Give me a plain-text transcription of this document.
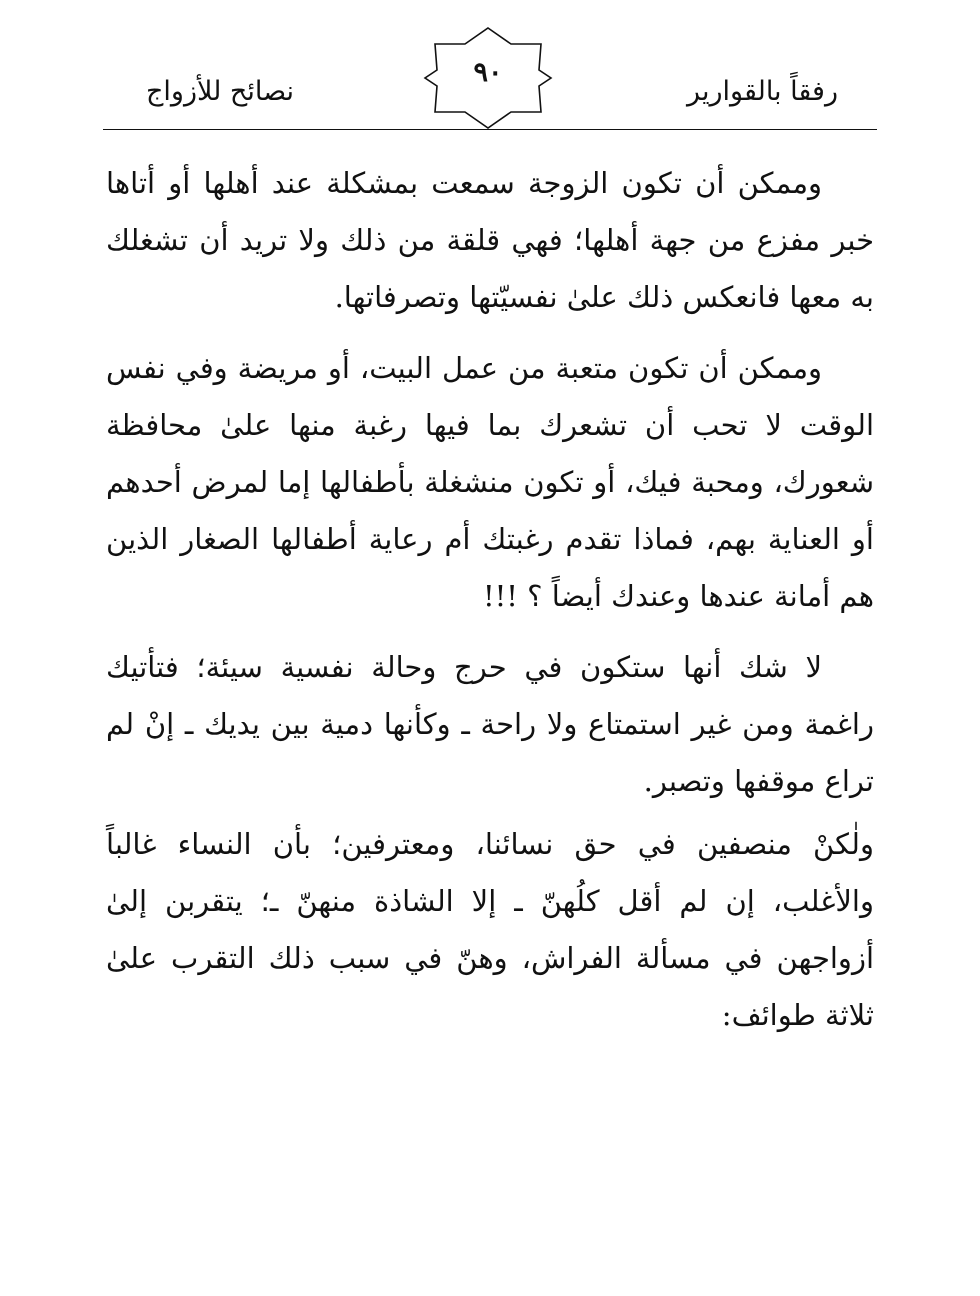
رفقاً بالقوارير
٩٠
نصائح للأزواج

وممكن أن تكون الزوجة سمعت بمشكلة عند أهلها أو أتاها خبر مفزع من جهة أهلها؛ فهي قلقة من ذلك ولا تريد أن تشغلك به معها فانعكس ذلك علىٰ نفسيّتها وتصرفاتها.

وممكن أن تكون متعبة من عمل البيت، أو مريضة وفي نفس الوقت لا تحب أن تشعرك بما فيها رغبة منها علىٰ محافظة شعورك، ومحبة فيك، أو تكون منشغلة بأطفالها إما لمرض أحدهم أو العناية بهم، فماذا تقدم رغبتك أم رعاية أطفالها الصغار الذين هم أمانة عندها وعندك أيضاً ؟ !!!

لا شك أنها ستكون في حرج وحالة نفسية سيئة؛ فتأتيك راغمة ومن غير استمتاع ولا راحة ـ وكأنها دمية بين يديك ـ إنْ لم تراع موقفها وتصبر.

ولٰكنْ منصفين في حق نسائنا، ومعترفين؛ بأن النساء غالباً والأغلب، إن لم أقل كلُهنّ ـ إلا الشاذة منهنّ ـ؛ يتقربن إلىٰ أزواجهن في مسألة الفراش، وهنّ في سبب ذلك التقرب علىٰ ثلاثة طوائف:
